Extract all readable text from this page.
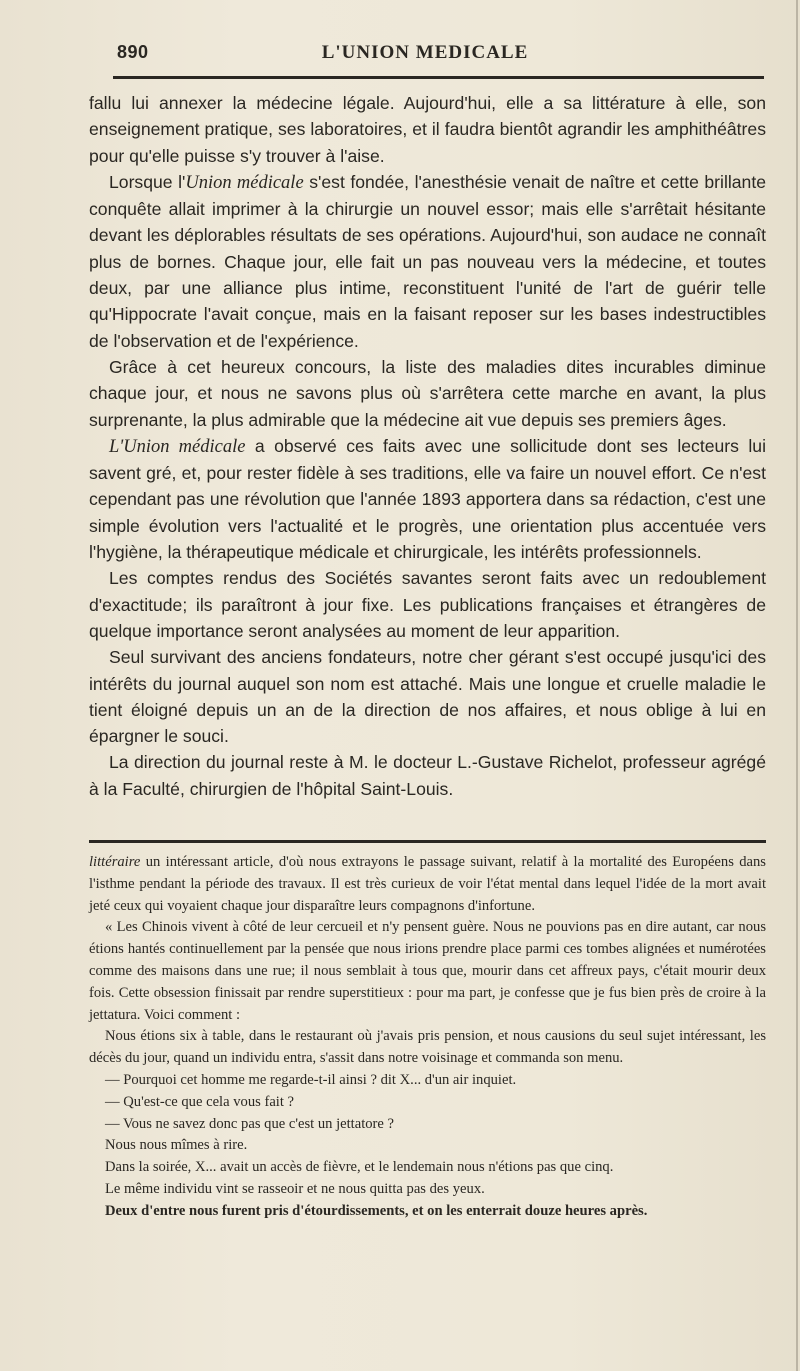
890	L'UNION MEDICALE

fallu lui annexer la médecine légale. Aujourd'hui, elle a sa littérature à elle, son enseignement pratique, ses laboratoires, et il faudra bientôt agrandir les amphithéâtres pour qu'elle puisse s'y trouver à l'aise.

Lorsque l'Union médicale s'est fondée, l'anesthésie venait de naître et cette brillante conquête allait imprimer à la chirurgie un nouvel essor; mais elle s'arrêtait hésitante devant les déplorables résultats de ses opérations. Aujourd'hui, son audace ne connaît plus de bornes. Chaque jour, elle fait un pas nouveau vers la médecine, et toutes deux, par une alliance plus intime, reconstituent l'unité de l'art de guérir telle qu'Hippocrate l'avait conçue, mais en la faisant reposer sur les bases indestructibles de l'observation et de l'expérience.

Grâce à cet heureux concours, la liste des maladies dites incurables diminue chaque jour, et nous ne savons plus où s'arrêtera cette marche en avant, la plus surprenante, la plus admirable que la médecine ait vue depuis ses premiers âges.

L'Union médicale a observé ces faits avec une sollicitude dont ses lecteurs lui savent gré, et, pour rester fidèle à ses traditions, elle va faire un nouvel effort. Ce n'est cependant pas une révolution que l'année 1893 apportera dans sa rédaction, c'est une simple évolution vers l'actualité et le progrès, une orientation plus accentuée vers l'hygiène, la thérapeutique médicale et chirurgicale, les intérêts professionnels.

Les comptes rendus des Sociétés savantes seront faits avec un redoublement d'exactitude; ils paraîtront à jour fixe. Les publications françaises et étrangères de quelque importance seront analysées au moment de leur apparition.

Seul survivant des anciens fondateurs, notre cher gérant s'est occupé jusqu'ici des intérêts du journal auquel son nom est attaché. Mais une longue et cruelle maladie le tient éloigné depuis un an de la direction de nos affaires, et nous oblige à lui en épargner le souci.

La direction du journal reste à M. le docteur L.-Gustave Richelot, professeur agrégé à la Faculté, chirurgien de l'hôpital Saint-Louis.

littéraire un intéressant article, d'où nous extrayons le passage suivant, relatif à la mortalité des Européens dans l'isthme pendant la période des travaux. Il est très curieux de voir l'état mental dans lequel l'idée de la mort avait jeté ceux qui voyaient chaque jour disparaître leurs compagnons d'infortune.

« Les Chinois vivent à côté de leur cercueil et n'y pensent guère. Nous ne pouvions pas en dire autant, car nous étions hantés continuellement par la pensée que nous irions prendre place parmi ces tombes alignées et numérotées comme des maisons dans une rue; il nous semblait à tous que, mourir dans cet affreux pays, c'était mourir deux fois. Cette obsession finissait par rendre superstitieux : pour ma part, je confesse que je fus bien près de croire à la jettatura. Voici comment :

Nous étions six à table, dans le restaurant où j'avais pris pension, et nous causions du seul sujet intéressant, les décès du jour, quand un individu entra, s'assit dans notre voisinage et commanda son menu.

— Pourquoi cet homme me regarde-t-il ainsi ? dit X... d'un air inquiet.

— Qu'est-ce que cela vous fait ?

— Vous ne savez donc pas que c'est un jettatore ?

Nous nous mîmes à rire.

Dans la soirée, X... avait un accès de fièvre, et le lendemain nous n'étions pas que cinq.

Le même individu vint se rasseoir et ne nous quitta pas des yeux.

Deux d'entre nous furent pris d'étourdissements, et on les enterrait douze heures après.
